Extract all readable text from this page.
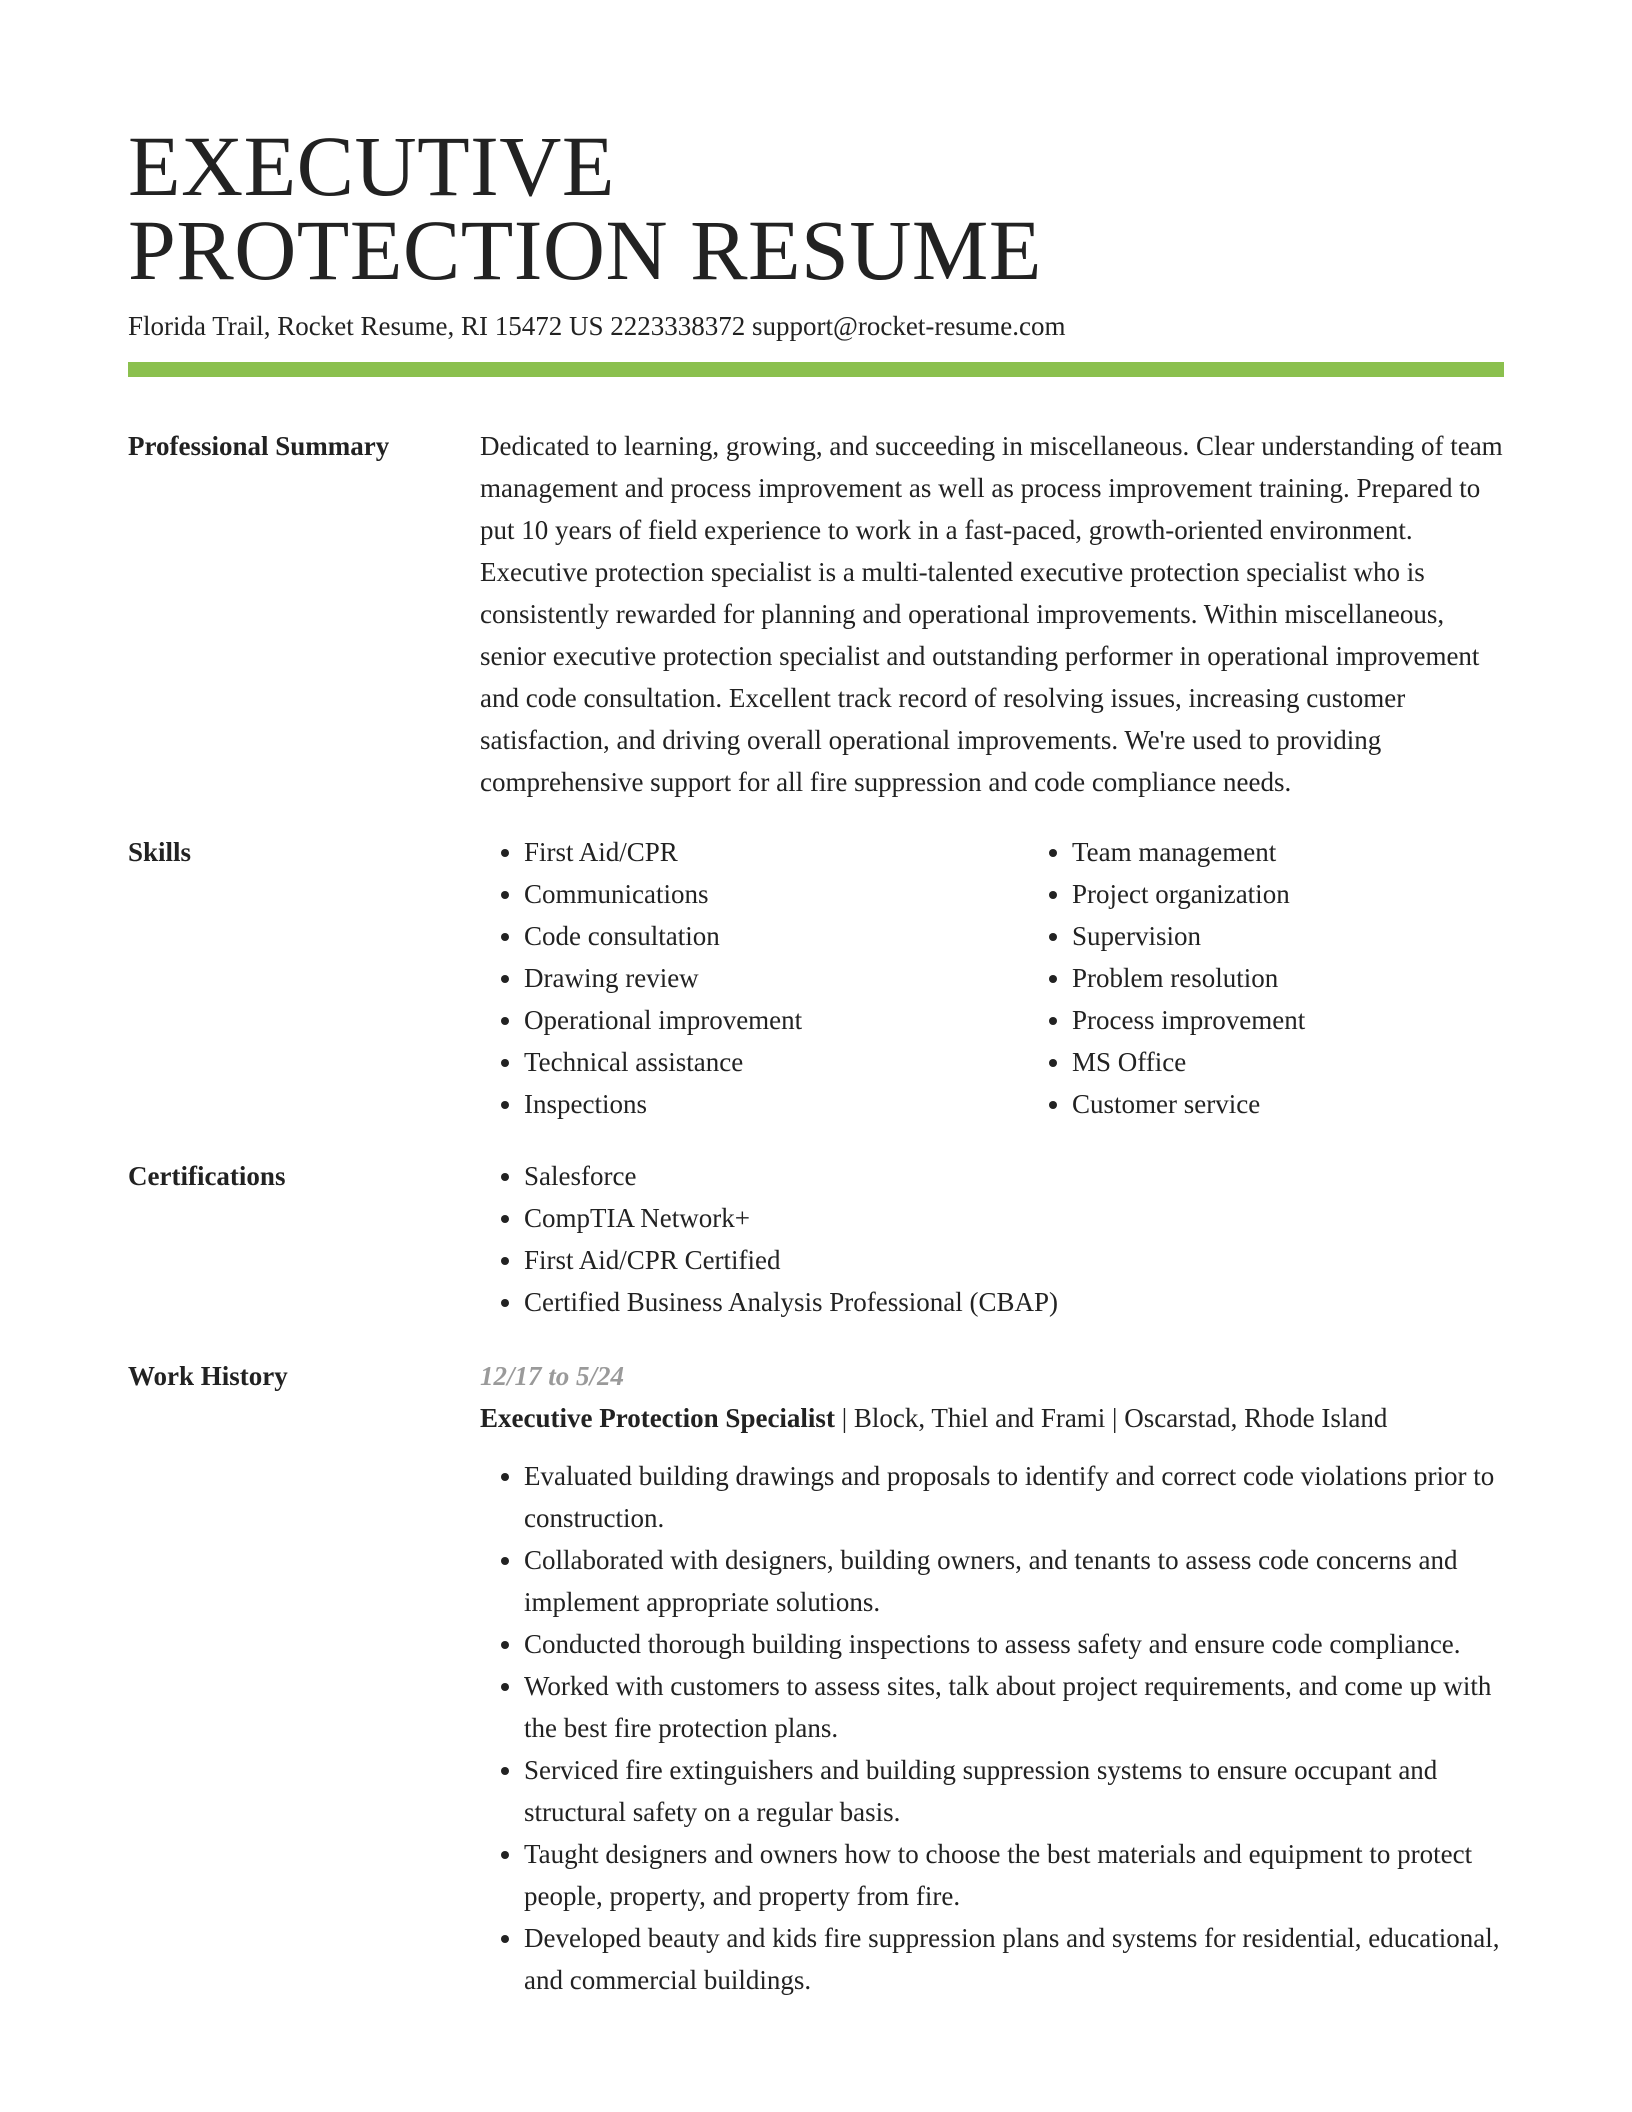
EXECUTIVE
PROTECTION RESUME
Florida Trail, Rocket Resume, RI 15472 US 2223338372 support@rocket-resume.com
Professional Summary	Dedicated to learning, growing, and succeeding in miscellaneous. Clear understanding of team management and process improvement as well as process improvement training. Prepared to put 10 years of field experience to work in a fast-paced, growth-oriented environment. Executive protection specialist is a multi-talented executive protection specialist who is consistently rewarded for planning and operational improvements. Within miscellaneous, senior executive protection specialist and outstanding performer in operational improvement and code consultation. Excellent track record of resolving issues, increasing customer satisfaction, and driving overall operational improvements. We're used to providing comprehensive support for all fire suppression and code compliance needs.

Skills	• First Aid/CPR
• Communications
• Code consultation
• Drawing review
• Operational improvement
• Technical assistance
• Inspections
• Team management
• Project organization
• Supervision
• Problem resolution
• Process improvement
• MS Office
• Customer service
Certifications	• Salesforce
• CompTIA Network+
• First Aid/CPR Certified
• Certified Business Analysis Professional (CBAP)
Work History	12/17 to 5/24
Executive Protection Specialist | Block, Thiel and Frami | Oscarstad, Rhode Island
• Evaluated building drawings and proposals to identify and correct code violations prior to construction.
• Collaborated with designers, building owners, and tenants to assess code concerns and implement appropriate solutions.
• Conducted thorough building inspections to assess safety and ensure code compliance.
• Worked with customers to assess sites, talk about project requirements, and come up with the best fire protection plans.
• Serviced fire extinguishers and building suppression systems to ensure occupant and structural safety on a regular basis.
• Taught designers and owners how to choose the best materials and equipment to protect people, property, and property from fire.
• Developed beauty and kids fire suppression plans and systems for residential, educational, and commercial buildings.
